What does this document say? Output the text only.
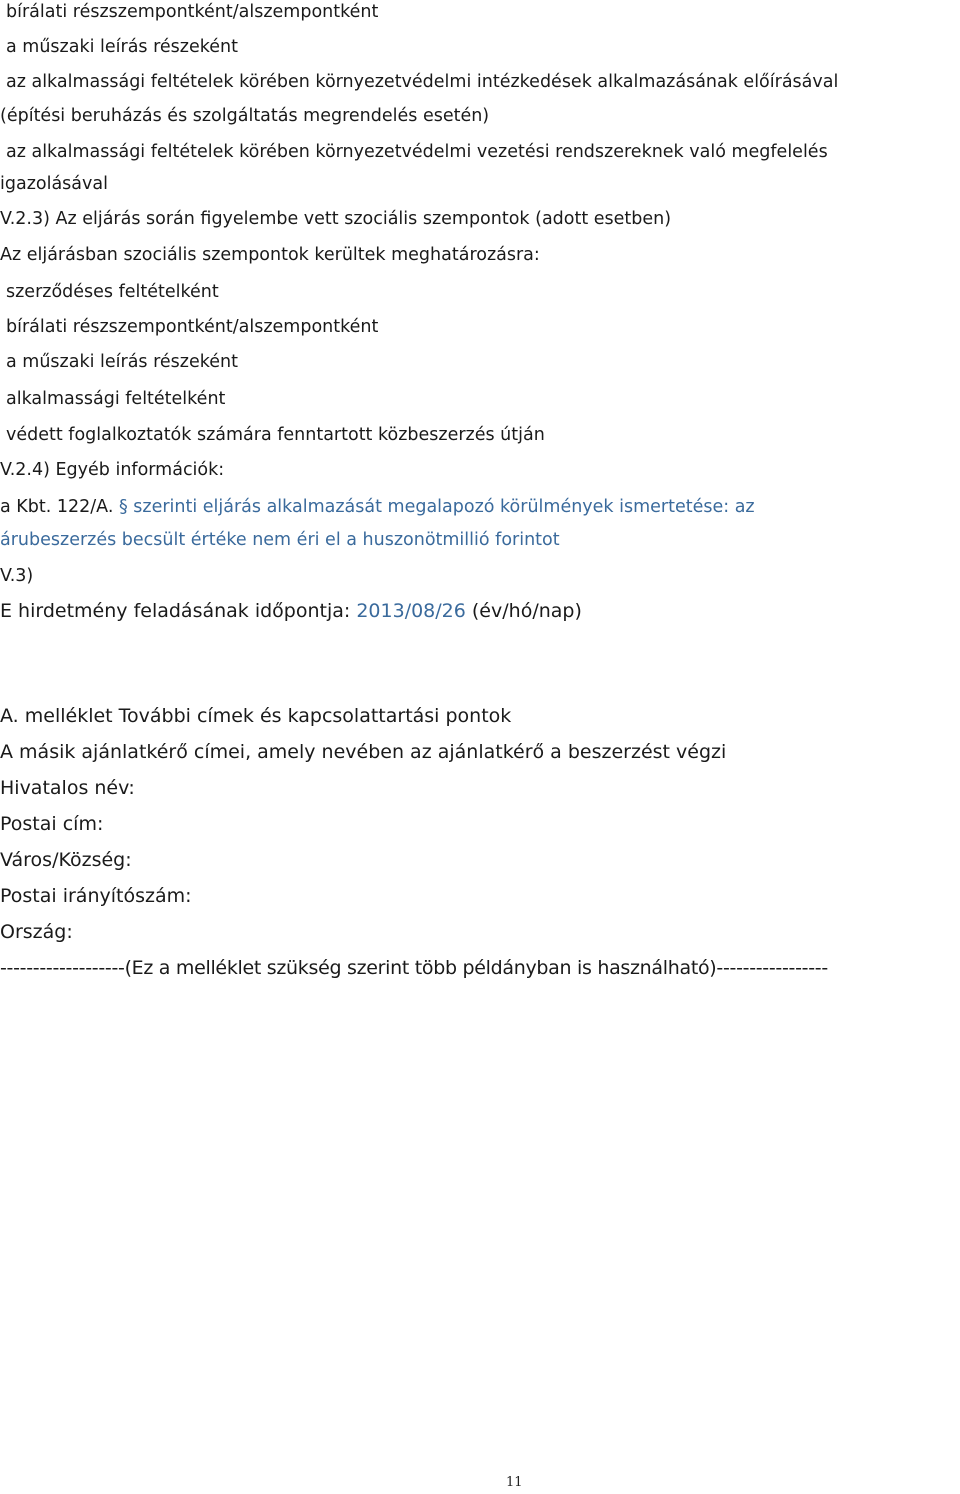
bírálati részszempontként/alszempontként
a műszaki leírás részeként
az alkalmassági feltételek körében környezetvédelmi intézkedések alkalmazásának előírásával
(építési beruházás és szolgáltatás megrendelés esetén)
az alkalmassági feltételek körében környezetvédelmi vezetési rendszereknek való megfelelés
igazolásával
V.2.3) Az eljárás során figyelembe vett szociális szempontok (adott esetben)
Az eljárásban szociális szempontok kerültek meghatározásra:
szerződéses feltételként
bírálati részszempontként/alszempontként
a műszaki leírás részeként
alkalmassági feltételként
védett foglalkoztatók számára fenntartott közbeszerzés útján
V.2.4) Egyéb információk:
a Kbt. 122/A. § szerinti eljárás alkalmazását megalapozó körülmények ismertetése: az
árubeszerzés becsült értéke nem éri el a huszonötmillió forintot
V.3)
E hirdetmény feladásának időpontja: 2013/08/26 (év/hó/nap)
A. melléklet További címek és kapcsolattartási pontok
A másik ajánlatkérő címei, amely nevében az ajánlatkérő a beszerzést végzi
Hivatalos név:
Postai cím:
Város/Község:
Postai irányítószám:
Ország:
-------------------(Ez a melléklet szükség szerint több példányban is használható)-----------------
11
